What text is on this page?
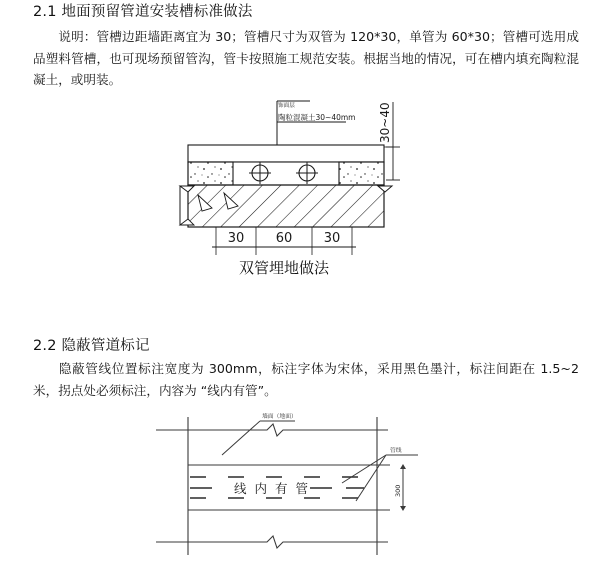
2.1 地面预留管道安装槽标准做法
说明：管槽边距墙距离宜为 30；管槽尺寸为双管为 120*30，单管为 60*30；管槽可选用成品塑料管槽，也可现场预留管沟，管卡按照施工规范安装。根据当地的情况，可在槽内填充陶粒混凝土，或明装。
饰面层
陶粒混凝土30~40mm 30~40
30 60 30
双管埋地做法
2.2 隐蔽管道标记
隐蔽管线位置标注宽度为 300mm，标注字体为宋体，采用黑色墨汁，标注间距在 1.5~2 米，拐点处必须标注，内容为 “线内有管”。
线 内 有 管
墙面（地面）
管线
300
